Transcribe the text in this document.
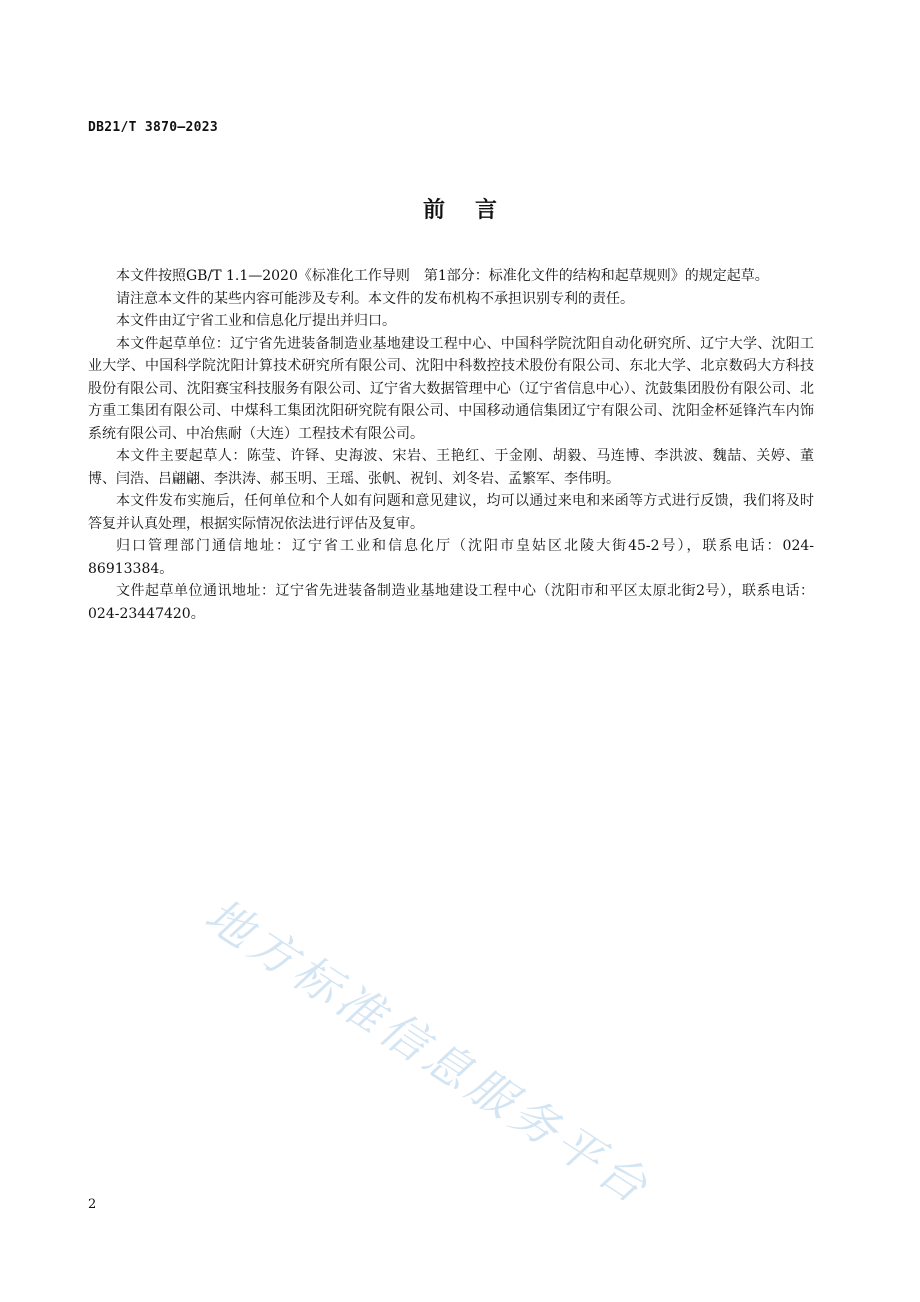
DB21/T 3870—2023
前言

本文件按照GB/T 1.1—2020《标准化工作导则　第1部分：标准化文件的结构和起草规则》的规定起草。

请注意本文件的某些内容可能涉及专利。本文件的发布机构不承担识别专利的责任。

本文件由辽宁省工业和信息化厅提出并归口。

本文件起草单位：辽宁省先进装备制造业基地建设工程中心、中国科学院沈阳自动化研究所、辽宁大学、沈阳工业大学、中国科学院沈阳计算技术研究所有限公司、沈阳中科数控技术股份有限公司、东北大学、北京数码大方科技股份有限公司、沈阳赛宝科技服务有限公司、辽宁省大数据管理中心（辽宁省信息中心）、沈鼓集团股份有限公司、北方重工集团有限公司、中煤科工集团沈阳研究院有限公司、中国移动通信集团辽宁有限公司、沈阳金杯延锋汽车内饰系统有限公司、中冶焦耐（大连）工程技术有限公司。

本文件主要起草人：陈莹、许铎、史海波、宋岩、王艳红、于金刚、胡毅、马连博、李洪波、魏喆、关婷、董博、闫浩、吕翩翩、李洪涛、郝玉明、王瑶、张帆、祝钊、刘冬岩、孟繁军、李伟明。

本文件发布实施后，任何单位和个人如有问题和意见建议，均可以通过来电和来函等方式进行反馈，我们将及时答复并认真处理，根据实际情况依法进行评估及复审。

归口管理部门通信地址：辽宁省工业和信息化厅（沈阳市皇姑区北陵大街45-2号），联系电话：024-86913384。

文件起草单位通讯地址：辽宁省先进装备制造业基地建设工程中心（沈阳市和平区太原北街2号），联系电话：024-23447420。

地方标准信息服务平台
2
